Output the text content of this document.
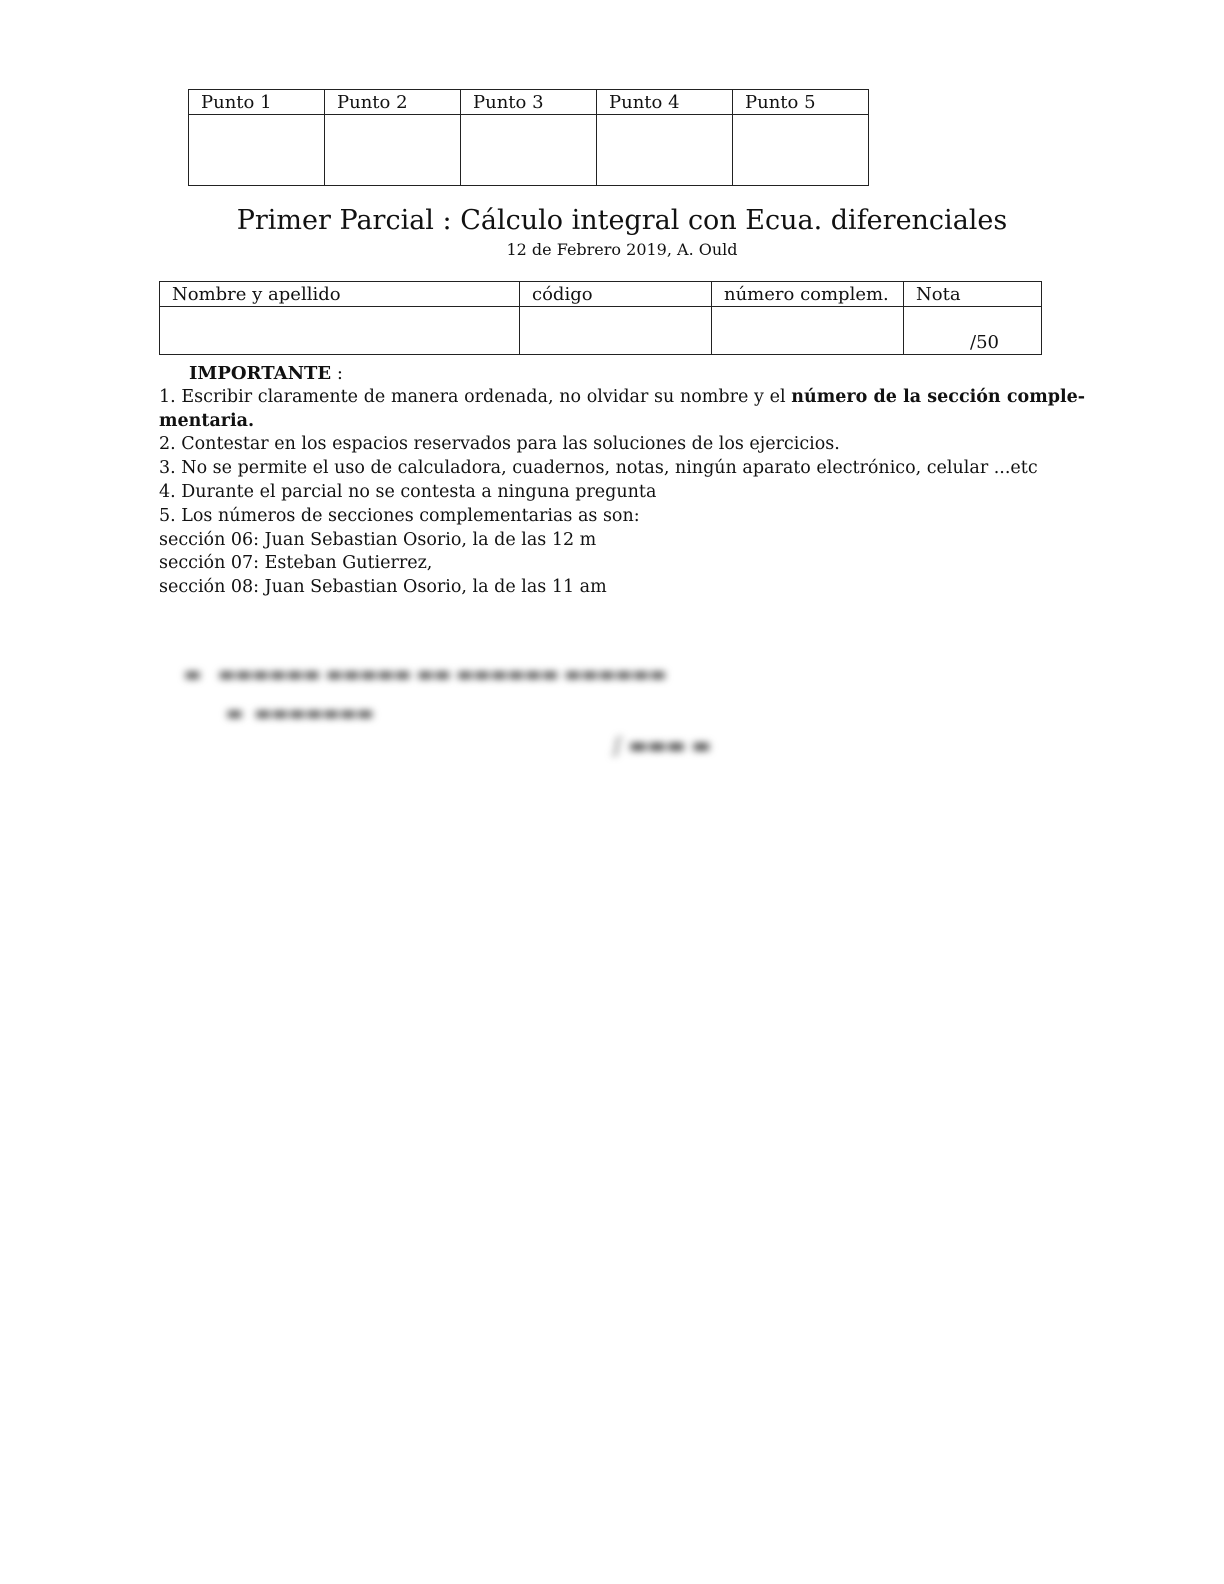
Punto 1	Punto 2	Punto 3	Punto 4	Punto 5

Primer Parcial : Cálculo integral con Ecua. diferenciales
12 de Febrero 2019, A. Ould
Nombre y apellido	código	número complem.	Nota
			/50

IMPORTANTE :

1. Escribir claramente de manera ordenada, no olvidar su nombre y el número de la sección comple-

mentaria.

2. Contestar en los espacios reservados para las soluciones de los ejercicios.

3. No se permite el uso de calculadora, cuadernos, notas, ningún aparato electrónico, celular ...etc

4. Durante el parcial no se contesta a ninguna pregunta

5. Los números de secciones complementarias as son:

sección 06: Juan Sebastian Osorio, la de las 12 m

sección 07: Esteban Gutierrez,

sección 08: Juan Sebastian Osorio, la de las 11 am

▬   ▬▬▬▬▬▬ ▬▬▬▬▬ ▬▬ ▬▬▬▬▬▬ ▬▬▬▬▬▬
▬  ▬▬▬▬▬▬▬
∫ ▬▬▬ ▬
